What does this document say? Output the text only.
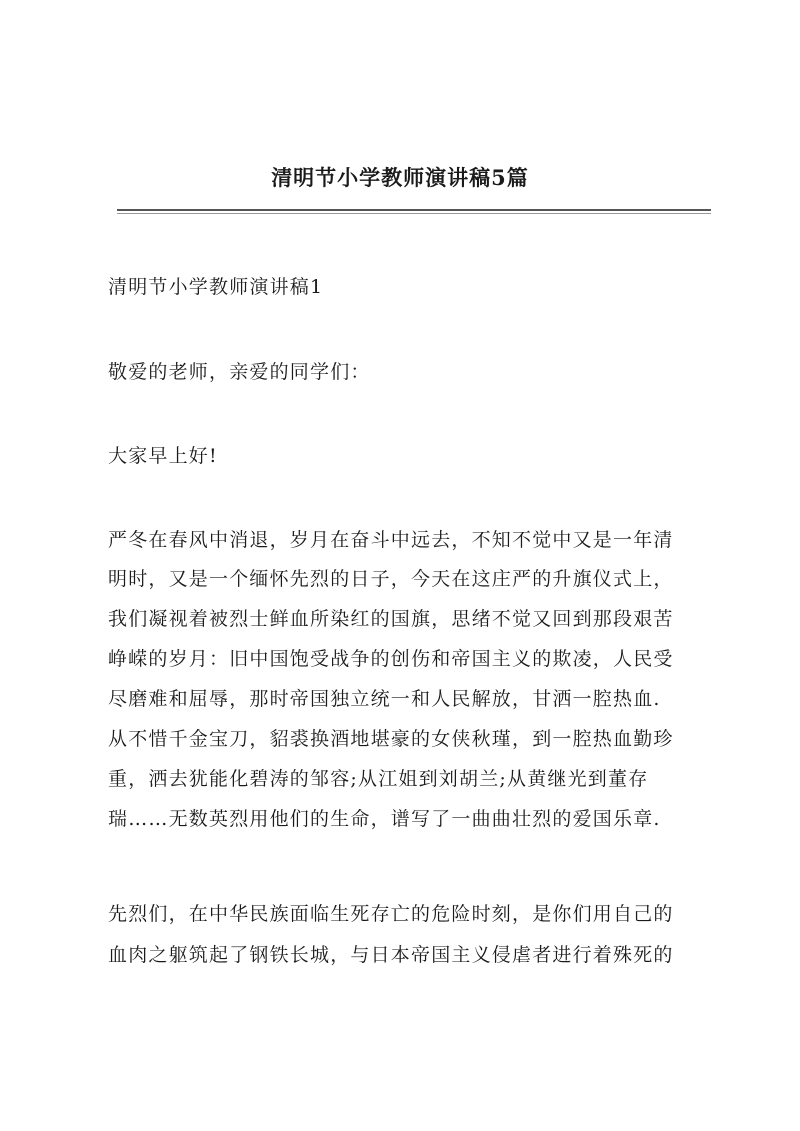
清明节小学教师演讲稿5篇

清明节小学教师演讲稿1

敬爱的老师，亲爱的同学们：

大家早上好!

严冬在春风中消退，岁月在奋斗中远去，不知不觉中又是一年清

明时，又是一个缅怀先烈的日子，今天在这庄严的升旗仪式上，

我们凝视着被烈士鲜血所染红的国旗，思绪不觉又回到那段艰苦

峥嵘的岁月：旧中国饱受战争的创伤和帝国主义的欺凌，人民受

尽磨难和屈辱，那时帝国独立统一和人民解放，甘洒一腔热血.

从不惜千金宝刀，貂裘换酒地堪豪的女侠秋瑾，到一腔热血勤珍

重，洒去犹能化碧涛的邹容;从江姐到刘胡兰;从黄继光到董存

瑞……无数英烈用他们的生命，谱写了一曲曲壮烈的爱国乐章.

先烈们，在中华民族面临生死存亡的危险时刻，是你们用自己的

血肉之躯筑起了钢铁长城，与日本帝国主义侵虐者进行着殊死的
